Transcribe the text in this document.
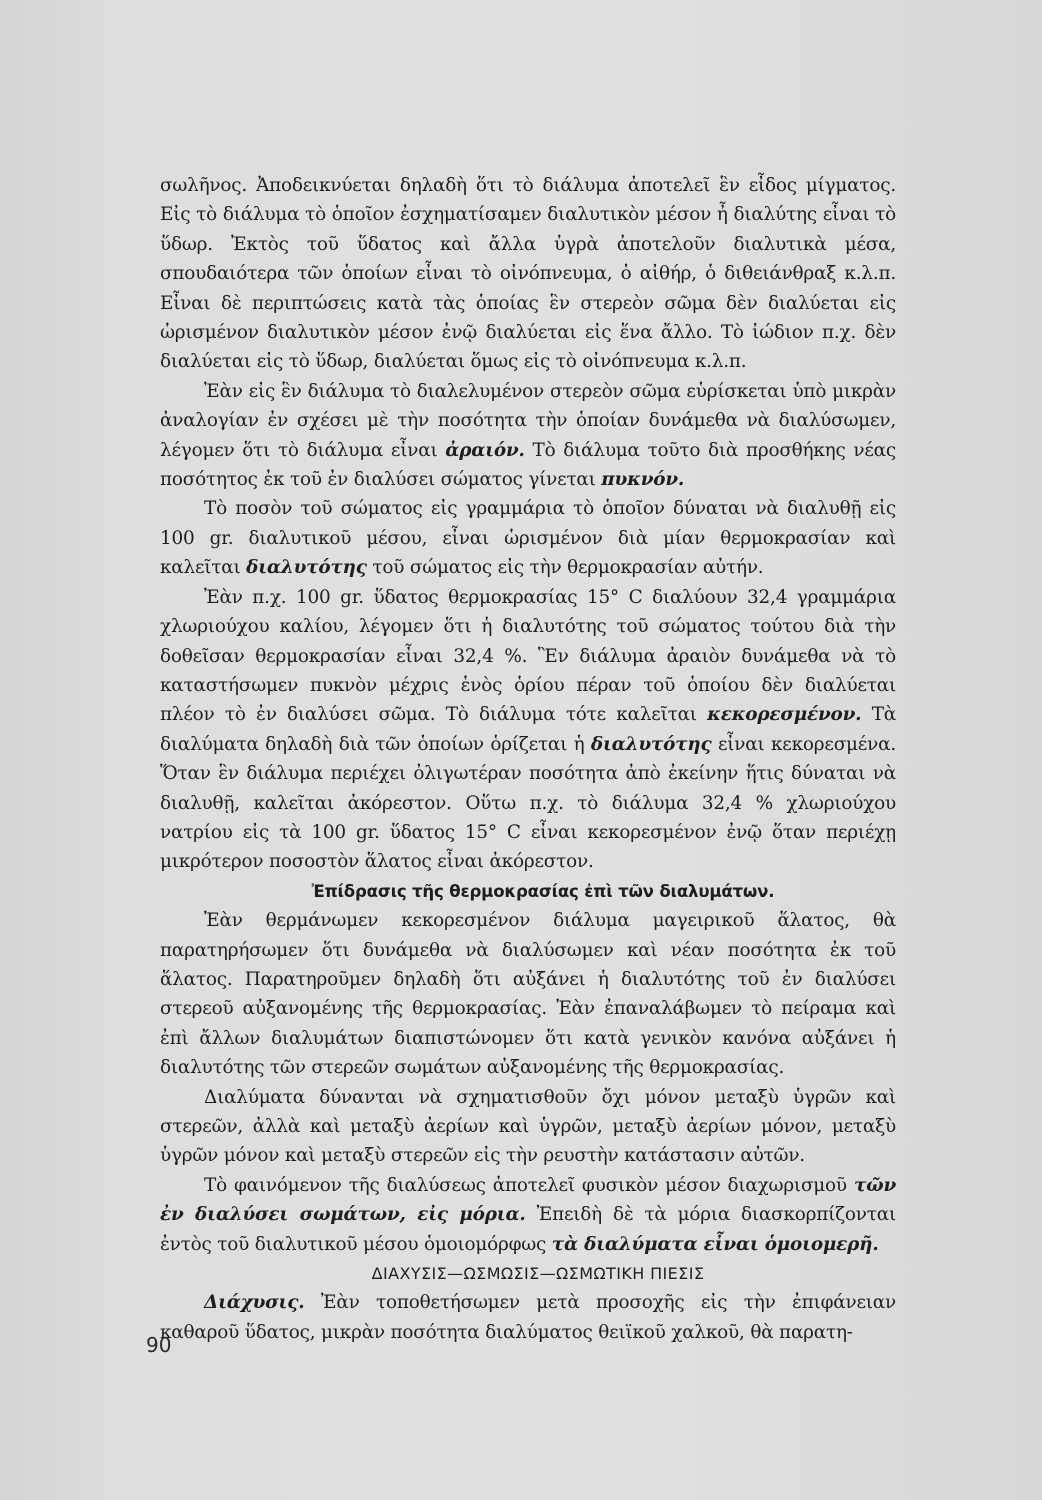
σωλῆνος. Ἀποδεικνύεται δηλαδὴ ὅτι τὸ διάλυμα ἀποτελεῖ ἓν εἶδος μίγματος. Εἰς τὸ διάλυμα τὸ ὁποῖον ἐσχηματίσαμεν διαλυτικὸν μέσον ἦ διαλύτης εἶναι τὸ ὕδωρ. Ἐκτὸς τοῦ ὕδατος καὶ ἄλλα ὑγρὰ ἀποτελοῦν διαλυτικὰ μέσα, σπουδαιότερα τῶν ὁποίων εἶναι τὸ οἰνόπνευμα, ὁ αἰθήρ, ὁ διθειάνθραξ κ.λ.π. Εἶναι δὲ περιπτώσεις κατὰ τὰς ὁποίας ἓν στερεὸν σῶμα δὲν διαλύεται εἰς ὡρισμένον διαλυτικὸν μέσον ἐνῷ διαλύεται εἰς ἕνα ἄλλο. Τὸ ἰώδιον π.χ. δὲν διαλύεται εἰς τὸ ὕδωρ, διαλύεται ὅμως εἰς τὸ οἰνόπνευμα κ.λ.π.

Ἐὰν εἰς ἓν διάλυμα τὸ διαλελυμένον στερεὸν σῶμα εὑρίσκεται ὑπὸ μικρὰν ἀναλογίαν ἐν σχέσει μὲ τὴν ποσότητα τὴν ὁποίαν δυνάμεθα νὰ διαλύσωμεν, λέγομεν ὅτι τὸ διάλυμα εἶναι ἀραιόν. Τὸ διάλυμα τοῦτο διὰ προσθήκης νέας ποσότητος ἐκ τοῦ ἐν διαλύσει σώματος γίνεται πυκνόν.

Τὸ ποσὸν τοῦ σώματος εἰς γραμμάρια τὸ ὁποῖον δύναται νὰ διαλυθῇ εἰς 100 gr. διαλυτικοῦ μέσου, εἶναι ὡρισμένον διὰ μίαν θερμοκρασίαν καὶ καλεῖται διαλυτότης τοῦ σώματος εἰς τὴν θερμοκρασίαν αὐτήν.

Ἐὰν π.χ. 100 gr. ὕδατος θερμοκρασίας 15° C διαλύουν 32,4 γραμμάρια χλωριούχου καλίου, λέγομεν ὅτι ἡ διαλυτότης τοῦ σώματος τούτου διὰ τὴν δοθεῖσαν θερμοκρασίαν εἶναι 32,4 %. Ἓν διάλυμα ἀραιὸν δυνάμεθα νὰ τὸ καταστήσωμεν πυκνὸν μέχρις ἑνὸς ὁρίου πέραν τοῦ ὁποίου δὲν διαλύεται πλέον τὸ ἐν διαλύσει σῶμα. Τὸ διάλυμα τότε καλεῖται κεκορεσμένον. Τὰ διαλύματα δηλαδὴ διὰ τῶν ὁποίων ὁρίζεται ἡ διαλυτότης εἶναι κεκορεσμένα. Ὅταν ἓν διάλυμα περιέχει ὀλιγωτέραν ποσότητα ἀπὸ ἐκείνην ἥτις δύναται νὰ διαλυθῇ, καλεῖται ἀκόρεστον. Οὕτω π.χ. τὸ διάλυμα 32,4 % χλωριούχου νατρίου εἰς τὰ 100 gr. ὕδατος 15° C εἶναι κεκορεσμένον ἐνῷ ὅταν περιέχῃ μικρότερον ποσοστὸν ἅλατος εἶναι ἀκόρεστον.

Ἐπίδρασις τῆς θερμοκρασίας ἐπὶ τῶν διαλυμάτων.

Ἐὰν θερμάνωμεν κεκορεσμένον διάλυμα μαγειρικοῦ ἅλατος, θὰ παρατηρήσωμεν ὅτι δυνάμεθα νὰ διαλύσωμεν καὶ νέαν ποσότητα ἐκ τοῦ ἅλατος. Παρατηροῦμεν δηλαδὴ ὅτι αὐξάνει ἡ διαλυτότης τοῦ ἐν διαλύσει στερεοῦ αὐξανομένης τῆς θερμοκρασίας. Ἐὰν ἐπαναλάβωμεν τὸ πείραμα καὶ ἐπὶ ἄλλων διαλυμάτων διαπιστώνομεν ὅτι κατὰ γενικὸν κανόνα αὐξάνει ἡ διαλυτότης τῶν στερεῶν σωμάτων αὐξανομένης τῆς θερμοκρασίας.

Διαλύματα δύνανται νὰ σχηματισθοῦν ὄχι μόνον μεταξὺ ὑγρῶν καὶ στερεῶν, ἀλλὰ καὶ μεταξὺ ἀερίων καὶ ὑγρῶν, μεταξὺ ἀερίων μόνον, μεταξὺ ὑγρῶν μόνον καὶ μεταξὺ στερεῶν εἰς τὴν ρευστὴν κατάστασιν αὐτῶν.

Τὸ φαινόμενον τῆς διαλύσεως ἀποτελεῖ φυσικὸν μέσον διαχωρισμοῦ τῶν ἐν διαλύσει σωμάτων, εἰς μόρια. Ἐπειδὴ δὲ τὰ μόρια διασκορπίζονται ἐντὸς τοῦ διαλυτικοῦ μέσου ὁμοιομόρφως τὰ διαλύματα εἶναι ὁμοιομερῆ.

ΔΙΑΧΥΣΙΣ—ΩΣΜΩΣΙΣ—ΩΣΜΩΤΙΚΗ ΠΙΕΣΙΣ

Διάχυσις. Ἐὰν τοποθετήσωμεν μετὰ προσοχῆς εἰς τὴν ἐπιφάνειαν καθαροῦ ὕδατος, μικρὰν ποσότητα διαλύματος θειϊκοῦ χαλκοῦ, θὰ παρατη-

90
